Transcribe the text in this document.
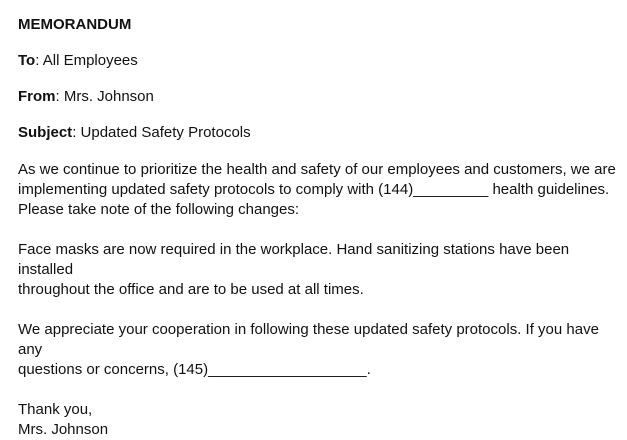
MEMORANDUM
To: All Employees
From: Mrs. Johnson
Subject: Updated Safety Protocols
As we continue to prioritize the health and safety of our employees and customers, we are
implementing updated safety protocols to comply with (144)_________ health guidelines.
Please take note of the following changes:
Face masks are now required in the workplace. Hand sanitizing stations have been installed
throughout the office and are to be used at all times.
We appreciate your cooperation in following these updated safety protocols. If you have any
questions or concerns, (145)___________________.
Thank you,
Mrs. Johnson
